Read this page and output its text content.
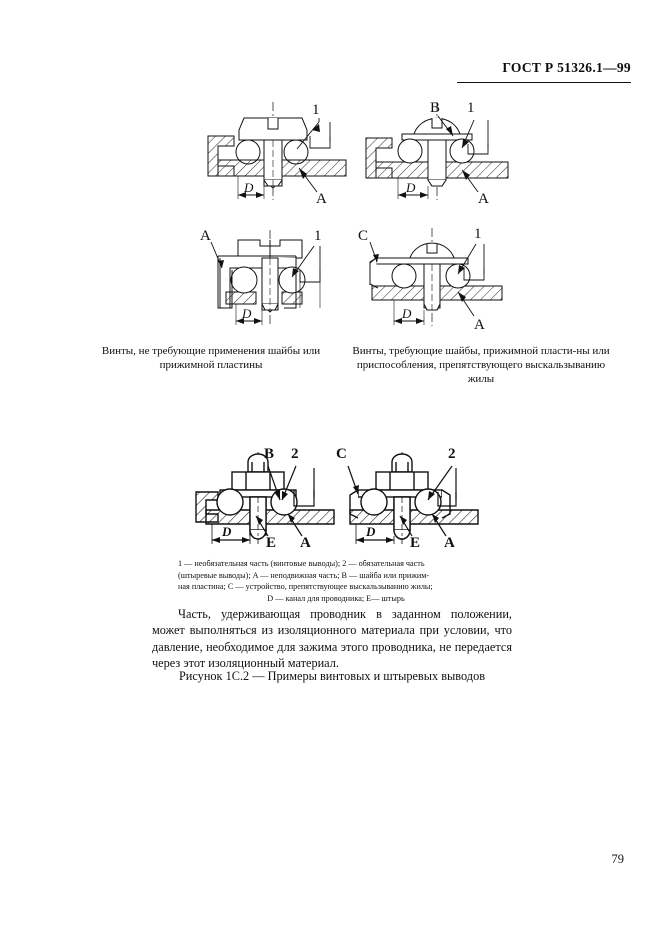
ГОСТ Р 51326.1—99
1
D
A
B 1
D
A
A	1
D
C	1
D
A
Винты, не требующие применения шайбы или прижимной пластины
Винты, требующие шайбы, прижимной пласти-ны или приспособления, препятствующего выскальзыванию жилы
B 2
D
E A
C	2
D
E A
1 — необязательная часть (винтовые выводы); 2 — обязательная часть
(штыревые выводы); A — неподвижная часть; B — шайба или прижим-
ная пластина; C — устройство, препятствующее выскальзыванию жилы;
D — канал для проводника; E— штырь
Часть, удерживающая проводник в заданном положении, может выполняться из изоляционного материала при условии, что давление, необходимое для зажима этого проводника, не передается через этот изоляционный материал.
Рисунок 1С.2 — Примеры винтовых и штыревых выводов
79
